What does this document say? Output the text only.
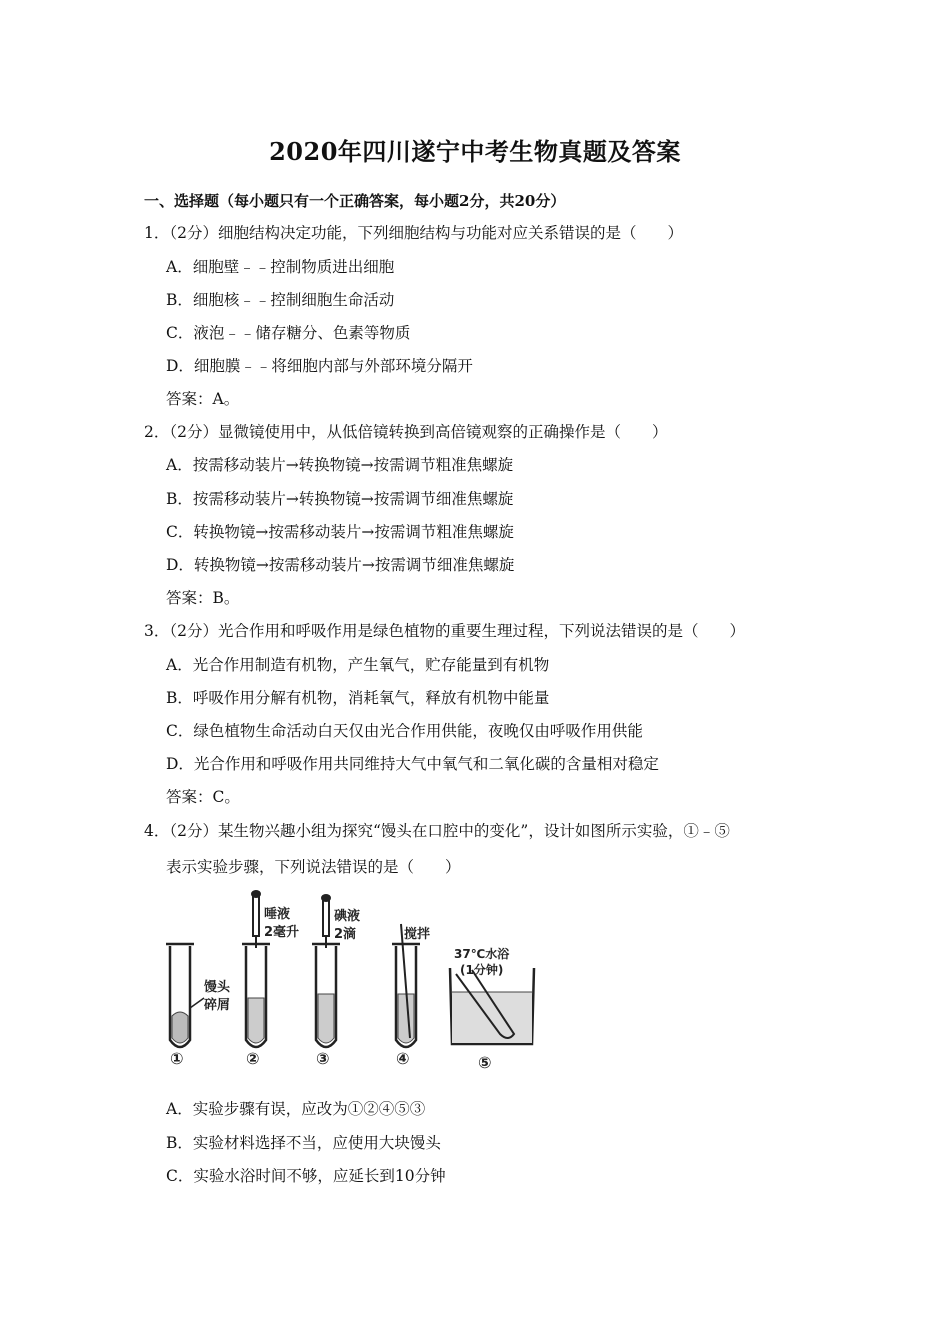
2020年四川遂宁中考生物真题及答案
一、选择题（每小题只有一个正确答案，每小题2分，共20分）
1．（2分）细胞结构决定功能，下列细胞结构与功能对应关系错误的是（　　）
A．细胞壁﹣﹣控制物质进出细胞
B．细胞核﹣﹣控制细胞生命活动
C．液泡﹣﹣储存糖分、色素等物质
D．细胞膜﹣﹣将细胞内部与外部环境分隔开
答案：A。
2．（2分）显微镜使用中，从低倍镜转换到高倍镜观察的正确操作是（　　）
A．按需移动装片→转换物镜→按需调节粗准焦螺旋
B．按需移动装片→转换物镜→按需调节细准焦螺旋
C．转换物镜→按需移动装片→按需调节粗准焦螺旋
D．转换物镜→按需移动装片→按需调节细准焦螺旋
答案：B。
3．（2分）光合作用和呼吸作用是绿色植物的重要生理过程，下列说法错误的是（　　）
A．光合作用制造有机物，产生氧气，贮存能量到有机物
B．呼吸作用分解有机物，消耗氧气，释放有机物中能量
C．绿色植物生命活动白天仅由光合作用供能，夜晚仅由呼吸作用供能
D．光合作用和呼吸作用共同维持大气中氧气和二氧化碳的含量相对稳定
答案：C。
4．（2分）某生物兴趣小组为探究“馒头在口腔中的变化”，设计如图所示实验，①﹣⑤
表示实验步骤，下列说法错误的是（　　）
馒头
碎屑
①
唾液
2毫升
②
碘液
2滴
③
搅拌
④
37℃水浴
(1分钟)
⑤
A．实验步骤有误，应改为①②④⑤③
B．实验材料选择不当，应使用大块馒头
C．实验水浴时间不够，应延长到10分钟
